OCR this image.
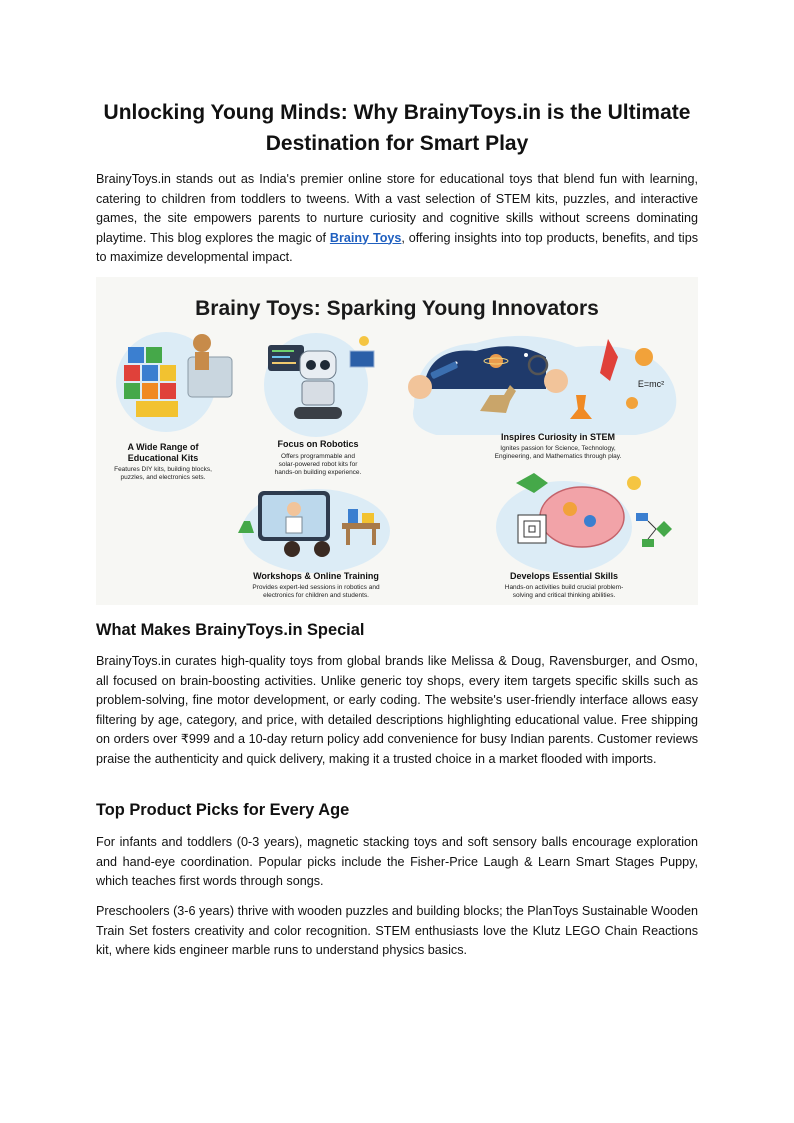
Unlocking Young Minds: Why BrainyToys.in is the Ultimate Destination for Smart Play

BrainyToys.in stands out as India's premier online store for educational toys that blend fun with learning, catering to children from toddlers to tweens. With a vast selection of STEM kits, puzzles, and interactive games, the site empowers parents to nurture curiosity and cognitive skills without screens dominating playtime. This blog explores the magic of Brainy Toys, offering insights into top products, benefits, and tips to maximize developmental impact.

Brainy Toys: Sparking Young Innovators
A Wide Range of
Educational Kits
Features DIY kits, building blocks,
puzzles, and electronics sets.
Focus on Robotics
Offers programmable and
solar-powered robot kits for
hands-on building experience.
E=mc²
Inspires Curiosity in STEM
Ignites passion for Science, Technology,
Engineering, and Mathematics through play.
Workshops & Online Training
Provides expert-led sessions in robotics and
electronics for children and students.
Develops Essential Skills
Hands-on activities build crucial problem-
solving and critical thinking abilities.
What Makes BrainyToys.in Special

BrainyToys.in curates high-quality toys from global brands like Melissa & Doug, Ravensburger, and Osmo, all focused on brain-boosting activities. Unlike generic toy shops, every item targets specific skills such as problem-solving, fine motor development, or early coding. The website's user-friendly interface allows easy filtering by age, category, and price, with detailed descriptions highlighting educational value. Free shipping on orders over ₹999 and a 10-day return policy add convenience for busy Indian parents. Customer reviews praise the authenticity and quick delivery, making it a trusted choice in a market flooded with imports.

Top Product Picks for Every Age

For infants and toddlers (0-3 years), magnetic stacking toys and soft sensory balls encourage exploration and hand-eye coordination. Popular picks include the Fisher-Price Laugh & Learn Smart Stages Puppy, which teaches first words through songs.

Preschoolers (3-6 years) thrive with wooden puzzles and building blocks; the PlanToys Sustainable Wooden Train Set fosters creativity and color recognition. STEM enthusiasts love the Klutz LEGO Chain Reactions kit, where kids engineer marble runs to understand physics basics.
